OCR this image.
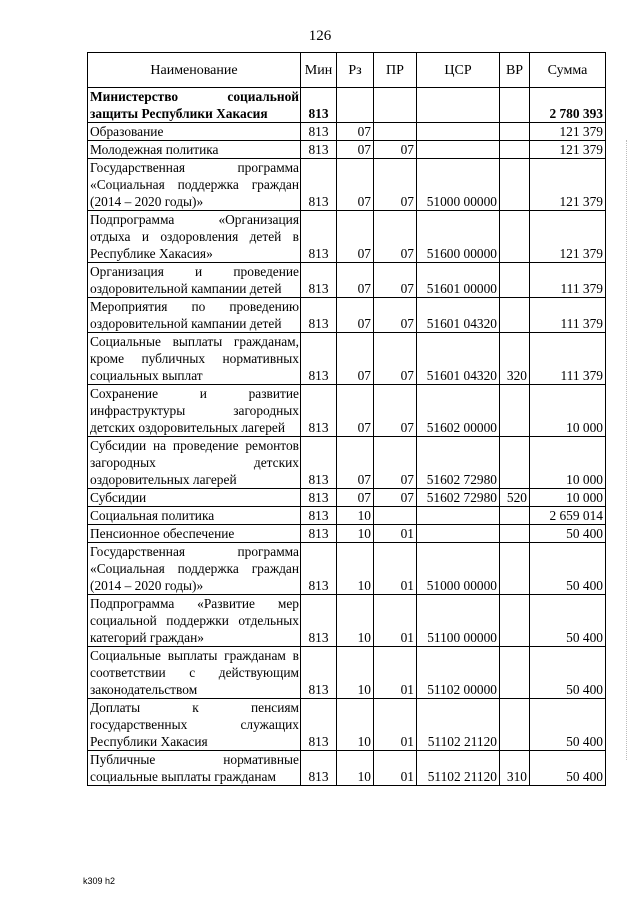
126
Наименование	Мин	Рз	ПР	ЦСР	ВР	Сумма
Министерство социальной защиты Республики Хакасия	813					2 780 393
Образование	813	07				121 379
Молодежная политика	813	07	07			121 379
Государственная программа «Социальная поддержка граждан (2014 – 2020 годы)»	813	07	07	51000 00000		121 379
Подпрограмма «Организация отдыха и оздоровления детей в Республике Хакасия»	813	07	07	51600 00000		121 379
Организация и проведение оздоровительной кампании детей	813	07	07	51601 00000		111 379
Мероприятия по проведению оздоровительной кампании детей	813	07	07	51601 04320		111 379
Социальные выплаты гражданам, кроме публичных нормативных социальных выплат	813	07	07	51601 04320	320	111 379
Сохранение и развитие инфраструктуры загородных детских оздоровительных лагерей	813	07	07	51602 00000		10 000
Субсидии на проведение ремонтов загородных детских оздоровительных лагерей	813	07	07	51602 72980		10 000
Субсидии	813	07	07	51602 72980	520	10 000
Социальная политика	813	10				2 659 014
Пенсионное обеспечение	813	10	01			50 400
Государственная программа «Социальная поддержка граждан (2014 – 2020 годы)»	813	10	01	51000 00000		50 400
Подпрограмма «Развитие мер социальной поддержки отдельных категорий граждан»	813	10	01	51100 00000		50 400
Социальные выплаты гражданам в соответствии с действующим законодательством	813	10	01	51102 00000		50 400
Доплаты к пенсиям государственных служащих Республики Хакасия	813	10	01	51102 21120		50 400
Публичные нормативные социальные выплаты гражданам	813	10	01	51102 21120	310	50 400
k309 h2
